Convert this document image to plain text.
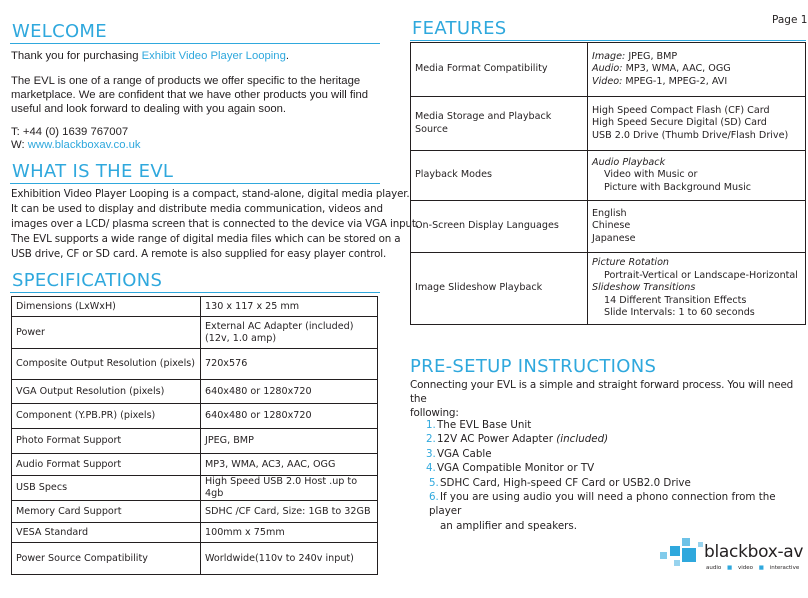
Page 1
WELCOME
Thank you for purchasing Exhibit Video Player Looping.
The EVL is one of a range of products we offer specific to the heritage
marketplace. We are confident that we have other products you will find
useful and look forward to dealing with you again soon.
T: +44 (0) 1639 767007
W: www.blackboxav.co.uk
WHAT IS THE EVL
Exhibition Video Player Looping is a compact, stand-alone, digital media player.
It can be used to display and distribute media communication, videos and
images over a LCD/ plasma screen that is connected to the device via VGA input.
The EVL supports a wide range of digital media files which can be stored on a
USB drive, CF or SD card. A remote is also supplied for easy player control.
SPECIFICATIONS
Dimensions (LxWxH)	130 x 117 x 25 mm
Power	External AC Adapter (included)
(12v, 1.0 amp)

Composite Output Resolution (pixels)	720x576
VGA Output Resolution (pixels)	640x480 or 1280x720
Component (Y.PB.PR) (pixels)	640x480 or 1280x720
Photo Format Support	JPEG, BMP
Audio Format Support	MP3, WMA, AC3, AAC, OGG
USB Specs	High Speed USB 2.0 Host .up to 4gb
Memory Card Support	SDHC /CF Card, Size: 1GB to 32GB
VESA Standard	100mm x 75mm
Power Source Compatibility	Worldwide(110v to 240v input)
FEATURES
Media Format Compatibility	Image: JPEG, BMP
Audio: MP3, WMA, AAC, OGG
Video: MPEG-1, MPEG-2, AVI

Media Storage and Playback Source	High Speed Compact Flash (CF) Card
High Speed Secure Digital (SD) Card
USB 2.0 Drive (Thumb Drive/Flash Drive)

Playback Modes	Audio Playback
Video with Music or
Picture with Background Music

On-Screen Display Languages	English
Chinese
Japanese

Image Slideshow Playback	Picture Rotation
Portrait-Vertical or Landscape-Horizontal
Slideshow Transitions
14 Different Transition Effects
Slide Intervals: 1 to 60 seconds
PRE-SETUP INSTRUCTIONS
Connecting your EVL is a simple and straight forward process. You will need the
following:
1.The EVL Base Unit
2.12V AC Power Adapter (included)
3.VGA Cable
4.VGA Compatible Monitor or TV
5.SDHC Card, High-speed CF Card or USB2.0 Drive
6.If you are using audio you will need a phono connection from the player
an amplifier and speakers.
blackbox-av
audio ■ video ■ interactive
